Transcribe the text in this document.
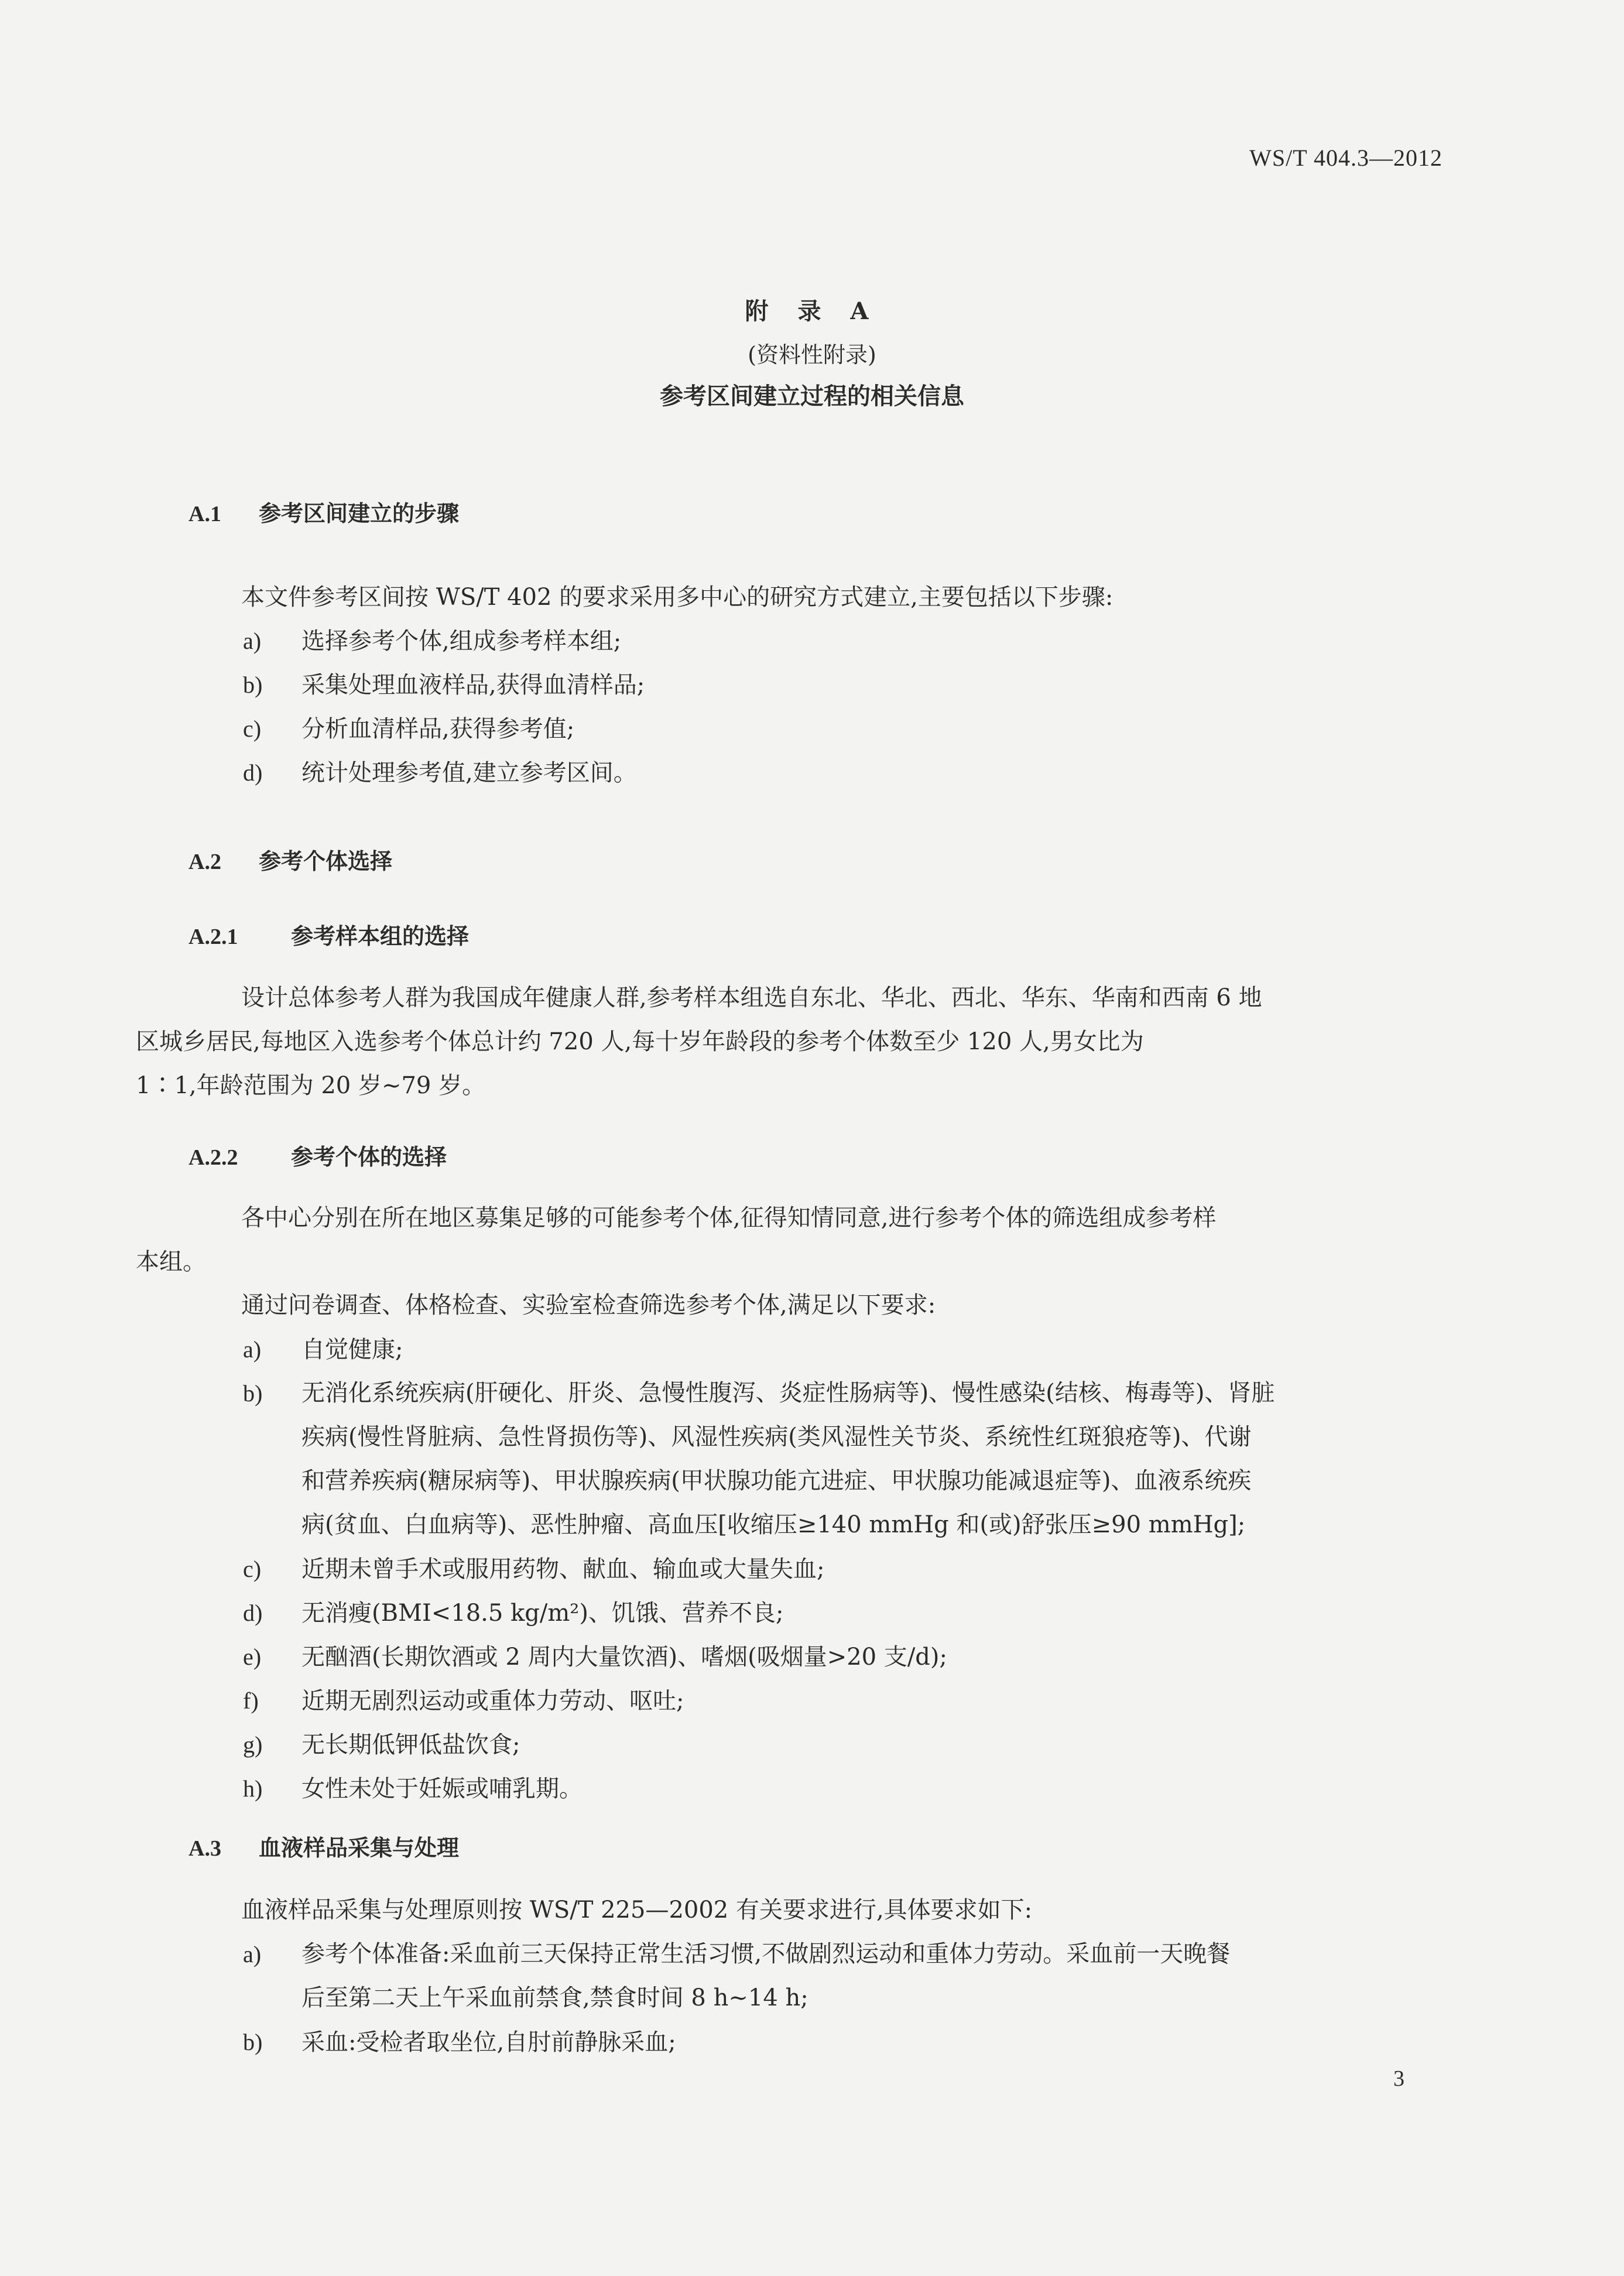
WS/T 404.3—2012
附 录 A
(资料性附录)
参考区间建立过程的相关信息
A.1 参考区间建立的步骤
本文件参考区间按 WS/T 402 的要求采用多中心的研究方式建立,主要包括以下步骤:
a) 选择参考个体,组成参考样本组;
b) 采集处理血液样品,获得血清样品;
c) 分析血清样品,获得参考值;
d) 统计处理参考值,建立参考区间。
A.2 参考个体选择
A.2.1 参考样本组的选择
设计总体参考人群为我国成年健康人群,参考样本组选自东北、华北、西北、华东、华南和西南 6 地
区城乡居民,每地区入选参考个体总计约 720 人,每十岁年龄段的参考个体数至少 120 人,男女比为
1∶1,年龄范围为 20 岁~79 岁。
A.2.2 参考个体的选择
各中心分别在所在地区募集足够的可能参考个体,征得知情同意,进行参考个体的筛选组成参考样
本组。
通过问卷调查、体格检查、实验室检查筛选参考个体,满足以下要求:
a) 自觉健康;
b) 无消化系统疾病(肝硬化、肝炎、急慢性腹泻、炎症性肠病等)、慢性感染(结核、梅毒等)、肾脏
疾病(慢性肾脏病、急性肾损伤等)、风湿性疾病(类风湿性关节炎、系统性红斑狼疮等)、代谢
和营养疾病(糖尿病等)、甲状腺疾病(甲状腺功能亢进症、甲状腺功能减退症等)、血液系统疾
病(贫血、白血病等)、恶性肿瘤、高血压[收缩压≥140 mmHg 和(或)舒张压≥90 mmHg];
c) 近期未曾手术或服用药物、献血、输血或大量失血;
d) 无消瘦(BMI<18.5 kg/m²)、饥饿、营养不良;
e) 无酗酒(长期饮酒或 2 周内大量饮酒)、嗜烟(吸烟量>20 支/d);
f) 近期无剧烈运动或重体力劳动、呕吐;
g) 无长期低钾低盐饮食;
h) 女性未处于妊娠或哺乳期。
A.3 血液样品采集与处理
血液样品采集与处理原则按 WS/T 225—2002 有关要求进行,具体要求如下:
a) 参考个体准备:采血前三天保持正常生活习惯,不做剧烈运动和重体力劳动。采血前一天晚餐
后至第二天上午采血前禁食,禁食时间 8 h~14 h;
b) 采血:受检者取坐位,自肘前静脉采血;
3
